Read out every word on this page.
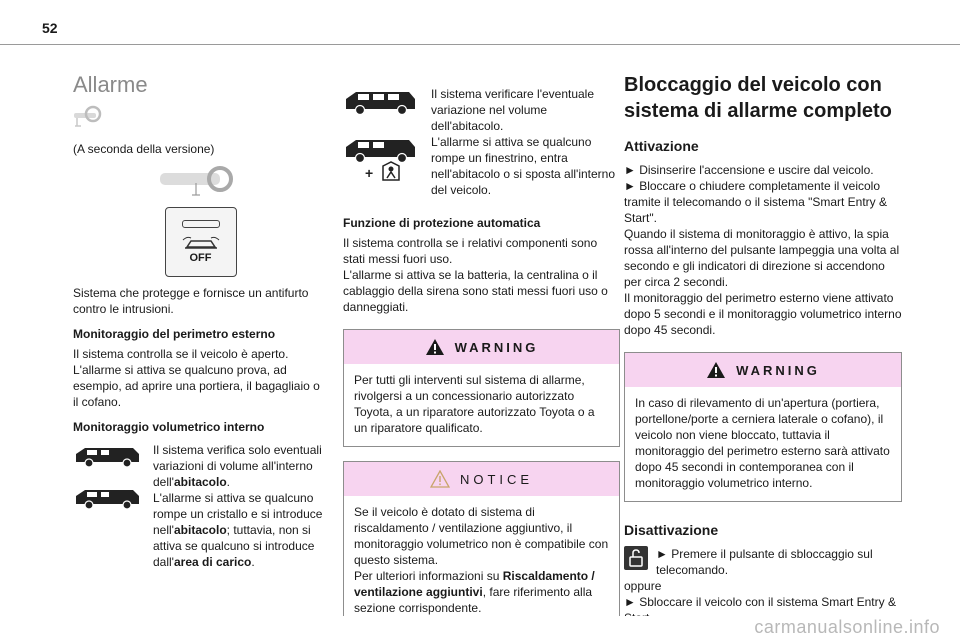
52
Allarme

(A seconda della versione)

OFF

Sistema che protegge e fornisce un antifurto contro le intrusioni.

Monitoraggio del perimetro esterno

Il sistema controlla se il veicolo è aperto. L'allarme si attiva se qualcuno prova, ad esempio, ad aprire una portiera, il bagagliaio o il cofano.

Monitoraggio volumetrico interno

Il sistema verifica solo eventuali variazioni di volume all'interno dell'abitacolo.
L'allarme si attiva se qualcuno rompe un cristallo e si introduce nell'abitacolo; tuttavia, non si attiva se qualcuno si introduce dall'area di carico.

+

Il sistema verificare l'eventuale variazione nel volume dell'abitacolo.

L'allarme si attiva se qualcuno rompe un finestrino, entra nell'abitacolo o si sposta all'interno del veicolo.

Funzione di protezione automatica

Il sistema controlla se i relativi componenti sono stati messi fuori uso.

L'allarme si attiva se la batteria, la centralina o il cablaggio della sirena sono stati messi fuori uso o danneggiati.

WARNING

Per tutti gli interventi sul sistema di allarme, rivolgersi a un concessionario autorizzato Toyota, a un riparatore autorizzato Toyota o a un riparatore qualificato.

NOTICE

Se il veicolo è dotato di sistema di riscaldamento / ventilazione aggiuntivo, il monitoraggio volumetrico non è compatibile con questo sistema.

Per ulteriori informazioni su Riscaldamento / ventilazione aggiuntivi, fare riferimento alla sezione corrispondente.

Bloccaggio del veicolo con sistema di allarme completo
Attivazione

► Disinserire l'accensione e uscire dal veicolo.

► Bloccare o chiudere completamente il veicolo tramite il telecomando o il sistema "Smart Entry & Start".

Quando il sistema di monitoraggio è attivo, la spia rossa all'interno del pulsante lampeggia una volta al secondo e gli indicatori di direzione si accendono per circa 2 secondi.

Il monitoraggio del perimetro esterno viene attivato dopo 5 secondi e il monitoraggio volumetrico interno dopo 45 secondi.

WARNING

In caso di rilevamento di un'apertura (portiera, portellone/porte a cerniera laterale o cofano), il veicolo non viene bloccato, tuttavia il monitoraggio del perimetro esterno sarà attivato dopo 45 secondi in contemporanea con il monitoraggio volumetrico interno.

Disattivazione

► Premere il pulsante di sbloccaggio sul telecomando.

oppure

► Sbloccare il veicolo con il sistema Smart Entry &

carmanualsonline.info
